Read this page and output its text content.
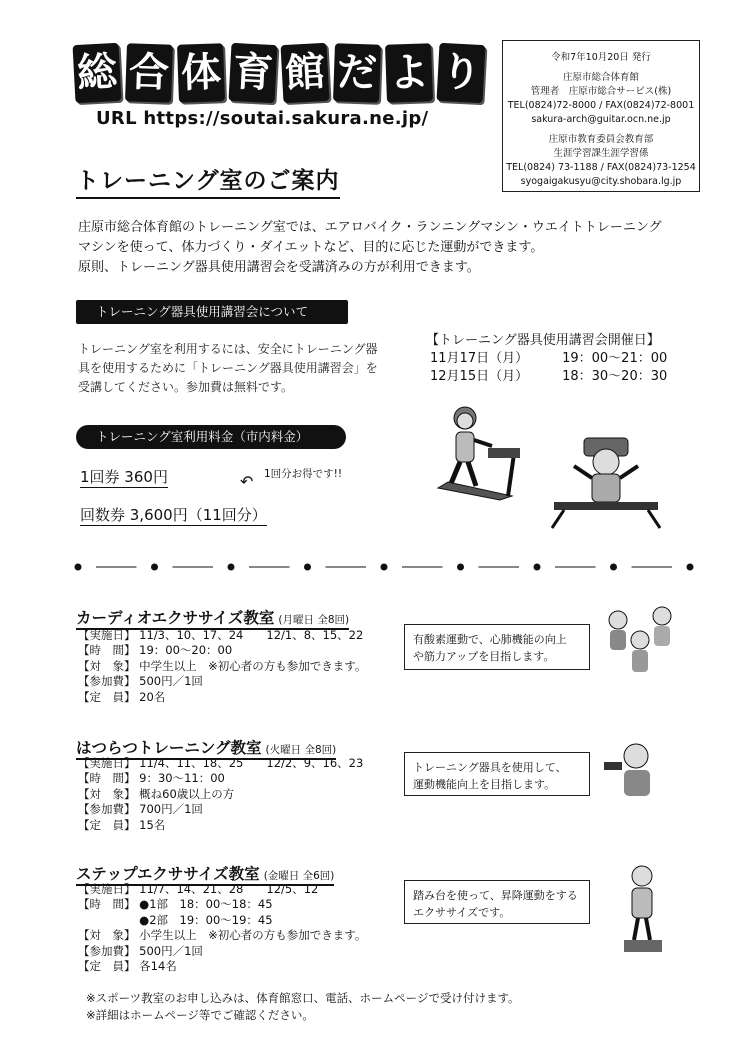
総 合 体 育 館 だ よ り
URL https://soutai.sakura.ne.jp/
令和7年10月20日 発行
庄原市総合体育館
管理者　庄原市総合サービス(株)
TEL(0824)72-8000 / FAX(0824)72-8001
sakura-arch@guitar.ocn.ne.jp
庄原市教育委員会教育部
生涯学習課生涯学習係
TEL(0824) 73-1188 / FAX(0824)73-1254
syogaigakusyu@city.shobara.lg.jp
トレーニング室のご案内
庄原市総合体育館のトレーニング室では、エアロバイク・ランニングマシン・ウエイトトレーニング
マシンを使って、体力づくり・ダイエットなど、目的に応じた運動ができます。
原則、トレーニング器具使用講習会を受講済みの方が利用できます。
トレーニング器具使用講習会について
トレーニング室を利用するには、安全にトレーニング器
具を使用するために「トレーニング器具使用講習会」を
受講してください。参加費は無料です。
【トレーニング器具使用講習会開催日】
11月17日（月）	19：00～21：00
12月15日（月）	18：30～20：30
トレーニング室利用料金（市内料金）
1回券 360円	↶ 1回分お得です!!
回数券 3,600円（11回分）
カーディオエクササイズ教室 (月曜日 全8回)
【実施日】 11/3、10、17、24　　12/1、8、15、22
【時　間】 19：00～20：00
【対　象】 中学生以上　※初心者の方も参加できます。
【参加費】 500円／1回
【定　員】 20名
有酸素運動で、心肺機能の向上
や筋力アップを目指します。
はつらつトレーニング教室 (火曜日 全8回)
【実施日】 11/4、11、18、25　　12/2、9、16、23
【時　間】 9：30～11：00
【対　象】 概ね60歳以上の方
【参加費】 700円／1回
【定　員】 15名
トレーニング器具を使用して、
運動機能向上を目指します。
ステップエクササイズ教室 (金曜日 全6回)
【実施日】 11/7、14、21、28　　12/5、12
【時　間】 ●1部　18：00～18：45
　　　　　 ●2部　19：00～19：45
【対　象】 小学生以上　※初心者の方も参加できます。
【参加費】 500円／1回
【定　員】 各14名
踏み台を使って、昇降運動をする
エクササイズです。
※スポーツ教室のお申し込みは、体育館窓口、電話、ホームページで受け付けます。
※詳細はホームページ等でご確認ください。
